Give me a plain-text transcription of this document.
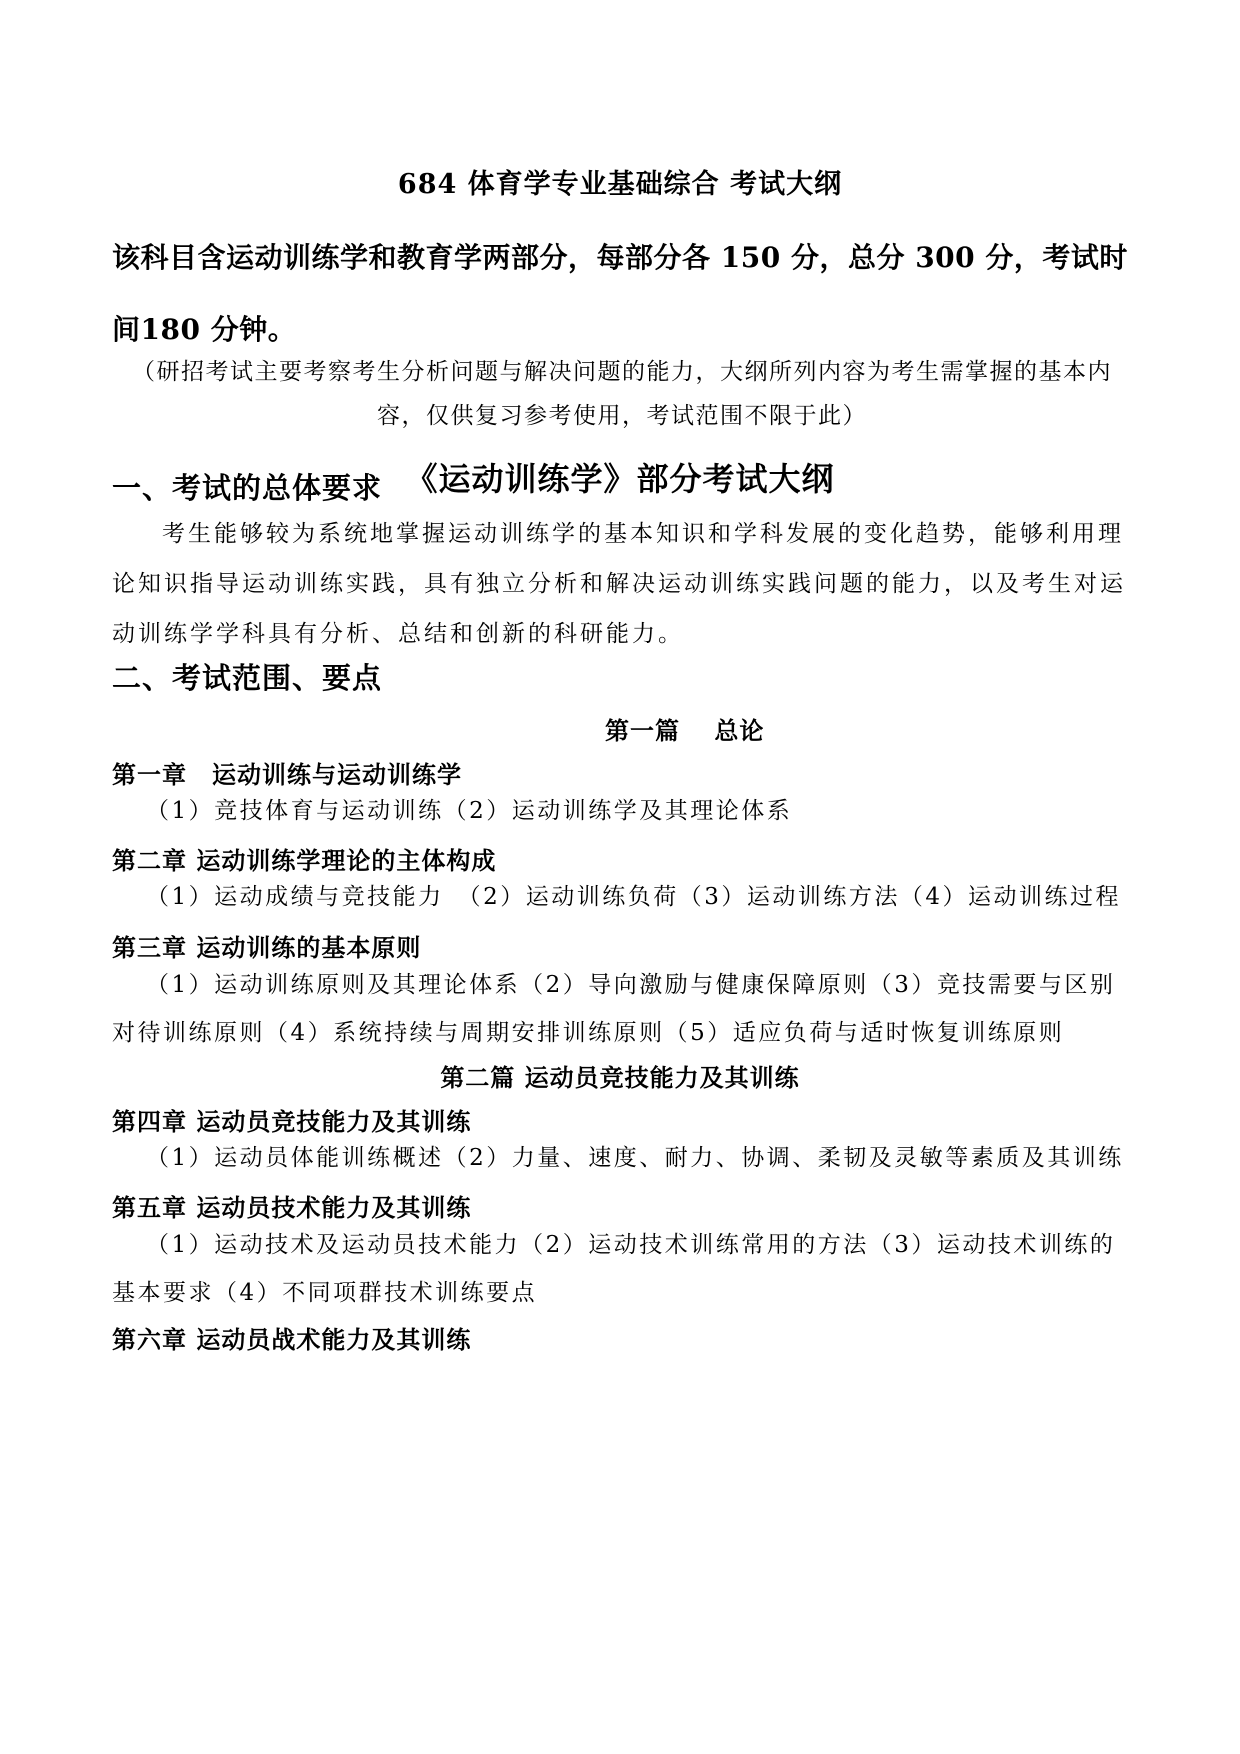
684 体育学专业基础综合 考试大纲
该科目含运动训练学和教育学两部分，每部分各 150 分，总分 300 分，考试时间180 分钟。
（研招考试主要考察考生分析问题与解决问题的能力，大纲所列内容为考生需掌握的基本内
容，仅供复习参考使用，考试范围不限于此）
《运动训练学》部分考试大纲
一、考试的总体要求
考生能够较为系统地掌握运动训练学的基本知识和学科发展的变化趋势，能够利用理论知识指导运动训练实践，具有独立分析和解决运动训练实践问题的能力，以及考生对运动训练学学科具有分析、总结和创新的科研能力。
二、考试范围、要点
第一篇　 总论
第一章　运动训练与运动训练学
（1）竞技体育与运动训练（2）运动训练学及其理论体系
第二章 运动训练学理论的主体构成
（1）运动成绩与竞技能力　（2）运动训练负荷（3）运动训练方法（4）运动训练过程
第三章 运动训练的基本原则
（1）运动训练原则及其理论体系（2）导向激励与健康保障原则（3）竞技需要与区别对待训练原则（4）系统持续与周期安排训练原则（5）适应负荷与适时恢复训练原则
第二篇 运动员竞技能力及其训练
第四章 运动员竞技能力及其训练
（1）运动员体能训练概述（2）力量、速度、耐力、协调、柔韧及灵敏等素质及其训练
第五章 运动员技术能力及其训练
（1）运动技术及运动员技术能力（2）运动技术训练常用的方法（3）运动技术训练的基本要求（4）不同项群技术训练要点
第六章 运动员战术能力及其训练
